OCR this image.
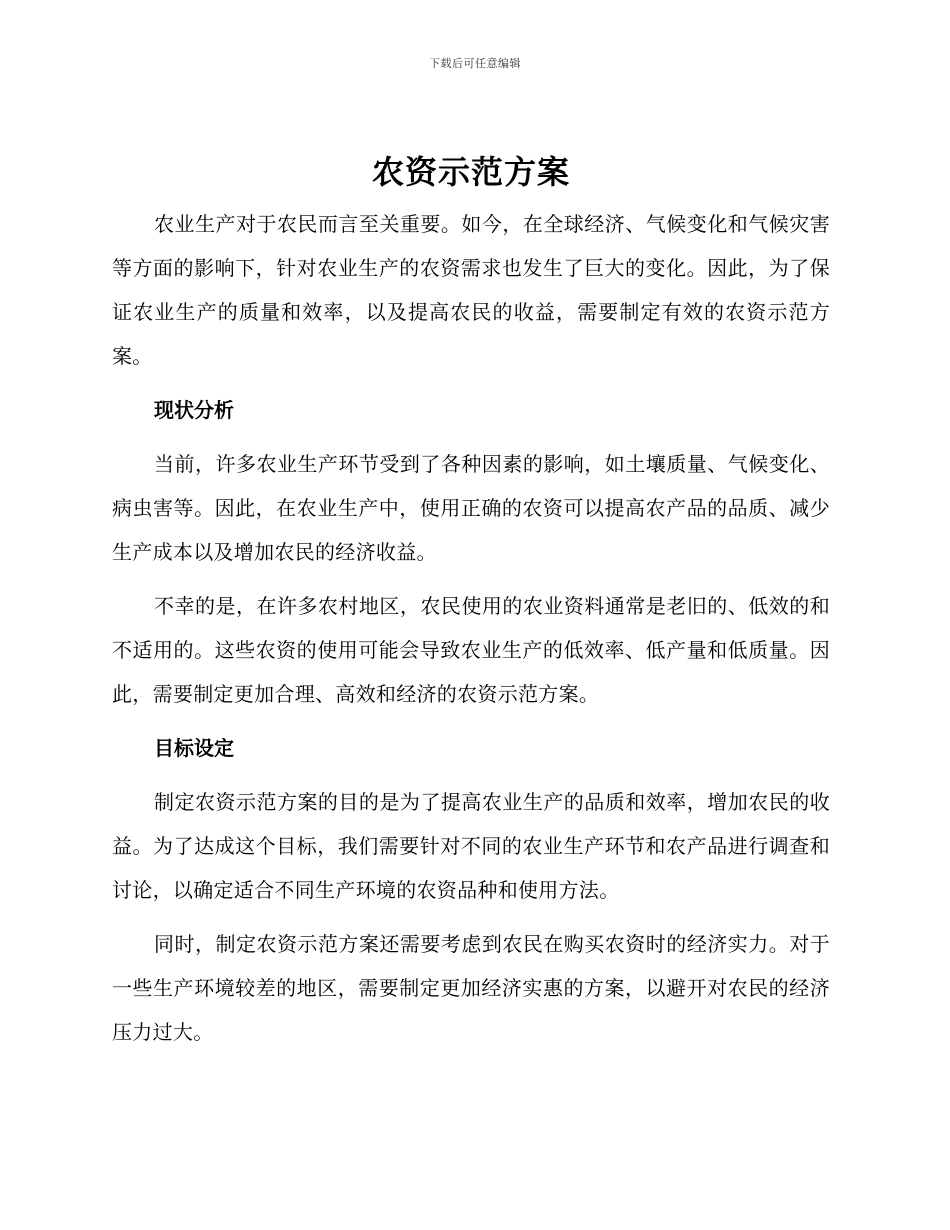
下载后可任意编辑
农资示范方案

农业生产对于农民而言至关重要。如今，在全球经济、气候变化和气候灾害等方面的影响下，针对农业生产的农资需求也发生了巨大的变化。因此，为了保证农业生产的质量和效率，以及提高农民的收益，需要制定有效的农资示范方案。

现状分析

当前，许多农业生产环节受到了各种因素的影响，如土壤质量、气候变化、病虫害等。因此，在农业生产中，使用正确的农资可以提高农产品的品质、减少生产成本以及增加农民的经济收益。

不幸的是，在许多农村地区，农民使用的农业资料通常是老旧的、低效的和不适用的。这些农资的使用可能会导致农业生产的低效率、低产量和低质量。因此，需要制定更加合理、高效和经济的农资示范方案。

目标设定

制定农资示范方案的目的是为了提高农业生产的品质和效率，增加农民的收益。为了达成这个目标，我们需要针对不同的农业生产环节和农产品进行调查和讨论，以确定适合不同生产环境的农资品种和使用方法。

同时，制定农资示范方案还需要考虑到农民在购买农资时的经济实力。对于一些生产环境较差的地区，需要制定更加经济实惠的方案，以避开对农民的经济压力过大。
